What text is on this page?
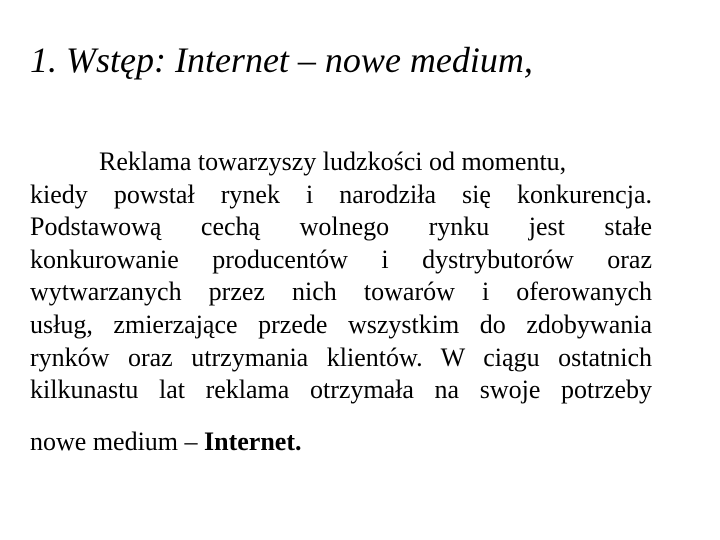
1. Wstęp: Internet – nowe medium,
Reklama towarzyszy ludzkości od momentu,
kiedy powstał rynek i narodziła się konkurencja.
Podstawową cechą wolnego rynku jest stałe
konkurowanie producentów i dystrybutorów oraz
wytwarzanych przez nich towarów i oferowanych
usług, zmierzające przede wszystkim do zdobywania
rynków oraz utrzymania klientów. W ciągu ostatnich
kilkunastu lat reklama otrzymała na swoje potrzeby
nowe medium – Internet.
